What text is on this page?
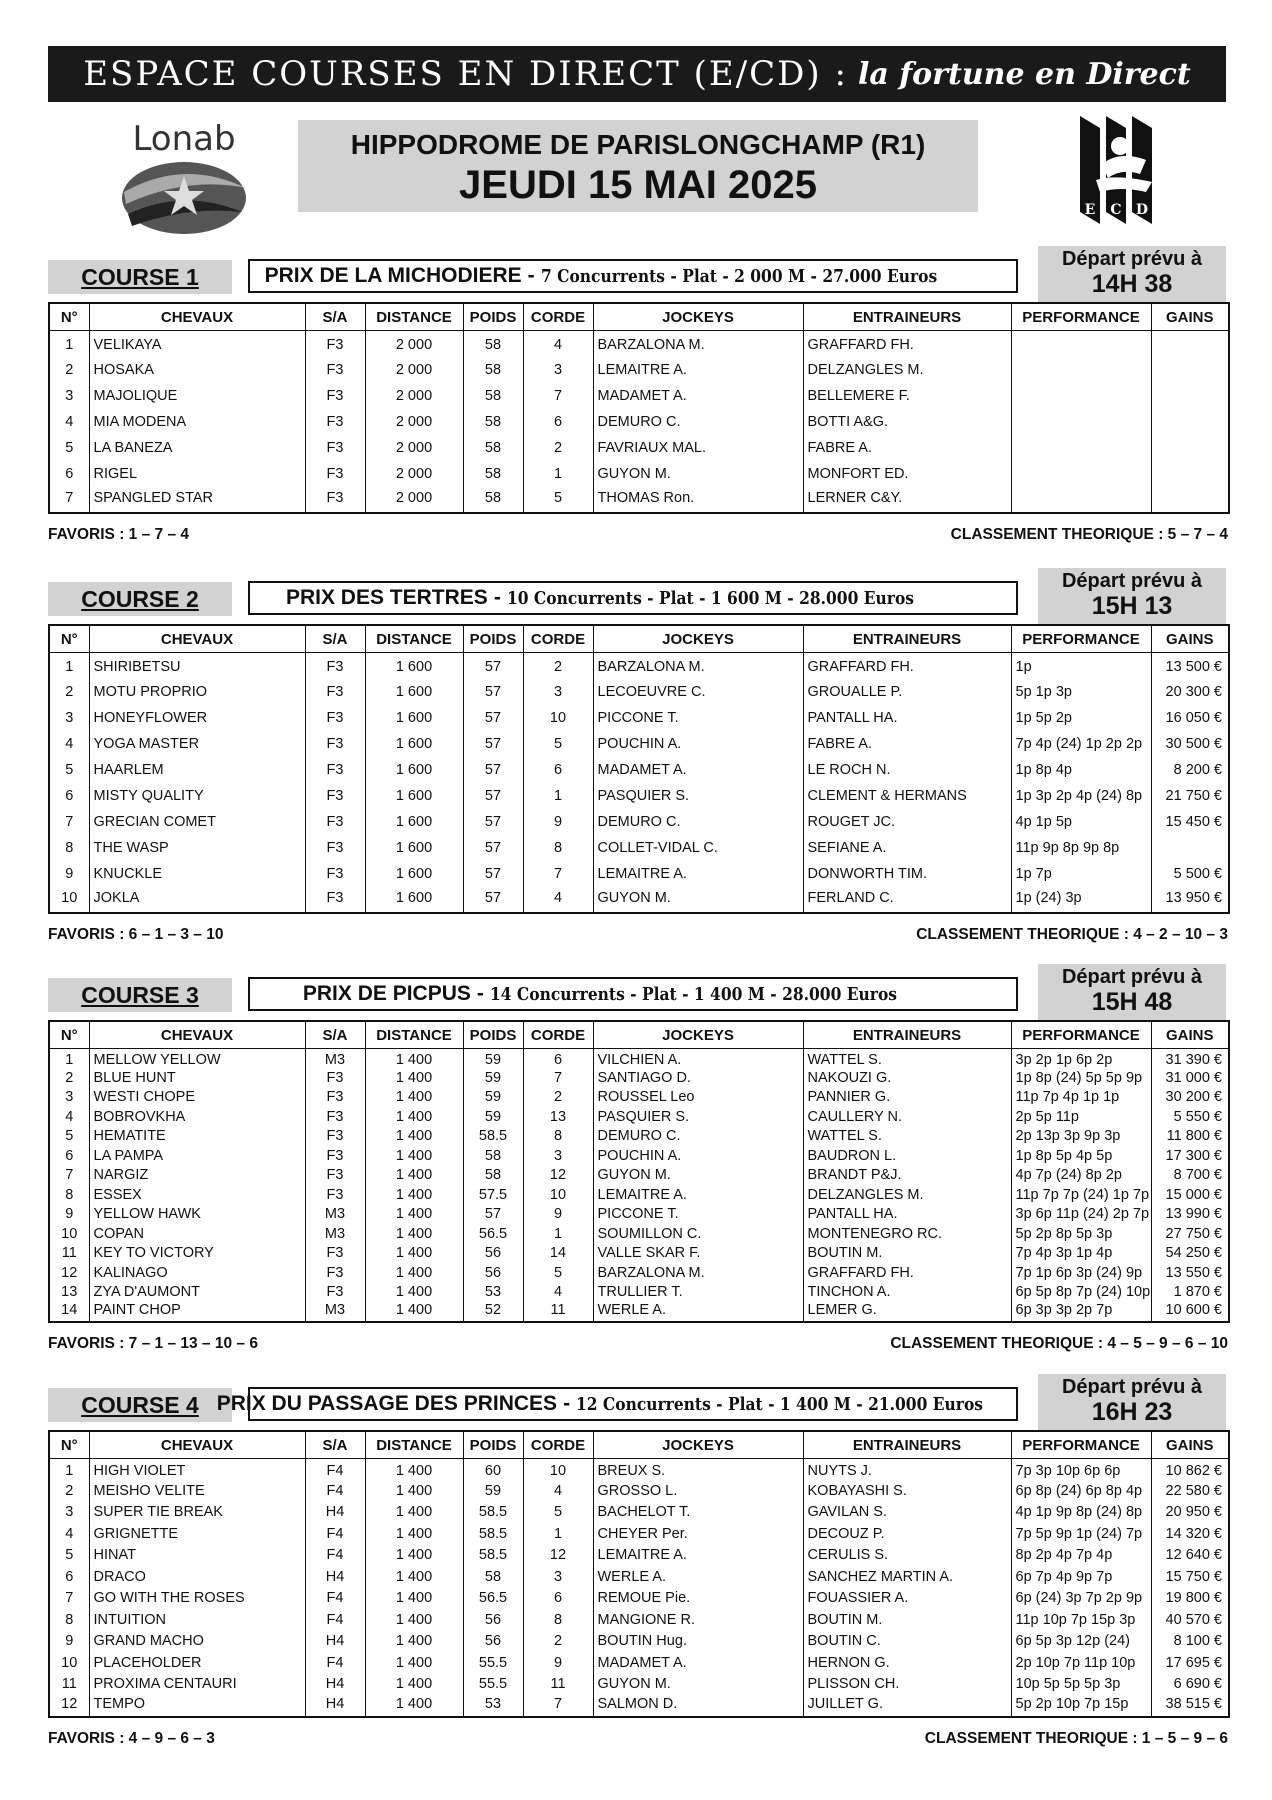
ESPACE COURSES EN DIRECT (E/CD) : la fortune en Direct
Lonab	HIPPODROME DE PARISLONGCHAMP (R1)
JEUDI 15 MAI 2025
E C D
COURSE 1	PRIX DE LA MICHODIERE - 7 Concurrents - Plat - 2 000 M - 27.000 Euros
Départ prévu à
14H 38
N°	CHEVAUX	S/A	DISTANCE	POIDS	CORDE	JOCKEYS	ENTRAINEURS	PERFORMANCE	GAINS
1	VELIKAYA	F3	2 000	58	4	BARZALONA M.	GRAFFARD FH.		
2	HOSAKA	F3	2 000	58	3	LEMAITRE A.	DELZANGLES M.		
3	MAJOLIQUE	F3	2 000	58	7	MADAMET A.	BELLEMERE F.		
4	MIA MODENA	F3	2 000	58	6	DEMURO C.	BOTTI A&G.		
5	LA BANEZA	F3	2 000	58	2	FAVRIAUX MAL.	FABRE A.		
6	RIGEL	F3	2 000	58	1	GUYON M.	MONFORT ED.		
7	SPANGLED STAR	F3	2 000	58	5	THOMAS Ron.	LERNER C&Y.		
FAVORIS : 1 – 7 – 4	CLASSEMENT THEORIQUE : 5 – 7 – 4
COURSE 2	PRIX DES TERTRES - 10 Concurrents - Plat - 1 600 M - 28.000 Euros
Départ prévu à
15H 13
N°	CHEVAUX	S/A	DISTANCE	POIDS	CORDE	JOCKEYS	ENTRAINEURS	PERFORMANCE	GAINS
1	SHIRIBETSU	F3	1 600	57	2	BARZALONA M.	GRAFFARD FH.	1p	13 500 €
2	MOTU PROPRIO	F3	1 600	57	3	LECOEUVRE C.	GROUALLE P.	5p 1p 3p	20 300 €
3	HONEYFLOWER	F3	1 600	57	10	PICCONE T.	PANTALL HA.	1p 5p 2p	16 050 €
4	YOGA MASTER	F3	1 600	57	5	POUCHIN A.	FABRE A.	7p 4p (24) 1p 2p 2p	30 500 €
5	HAARLEM	F3	1 600	57	6	MADAMET A.	LE ROCH N.	1p 8p 4p	8 200 €
6	MISTY QUALITY	F3	1 600	57	1	PASQUIER S.	CLEMENT & HERMANS	1p 3p 2p 4p (24) 8p	21 750 €
7	GRECIAN COMET	F3	1 600	57	9	DEMURO C.	ROUGET JC.	4p 1p 5p	15 450 €
8	THE WASP	F3	1 600	57	8	COLLET-VIDAL C.	SEFIANE A.	11p 9p 8p 9p 8p	
9	KNUCKLE	F3	1 600	57	7	LEMAITRE A.	DONWORTH TIM.	1p 7p	5 500 €
10	JOKLA	F3	1 600	57	4	GUYON M.	FERLAND C.	1p (24) 3p	13 950 €
FAVORIS : 6 – 1 – 3 – 10	CLASSEMENT THEORIQUE : 4 – 2 – 10 – 3
COURSE 3	PRIX DE PICPUS - 14 Concurrents - Plat - 1 400 M - 28.000 Euros
Départ prévu à
15H 48
N°	CHEVAUX	S/A	DISTANCE	POIDS	CORDE	JOCKEYS	ENTRAINEURS	PERFORMANCE	GAINS
1	MELLOW YELLOW	M3	1 400	59	6	VILCHIEN A.	WATTEL S.	3p 2p 1p 6p 2p	31 390 €
2	BLUE HUNT	F3	1 400	59	7	SANTIAGO D.	NAKOUZI G.	1p 8p (24) 5p 5p 9p	31 000 €
3	WESTI CHOPE	F3	1 400	59	2	ROUSSEL Leo	PANNIER G.	11p 7p 4p 1p 1p	30 200 €
4	BOBROVKHA	F3	1 400	59	13	PASQUIER S.	CAULLERY N.	2p 5p 11p	5 550 €
5	HEMATITE	F3	1 400	58.5	8	DEMURO C.	WATTEL S.	2p 13p 3p 9p 3p	11 800 €
6	LA PAMPA	F3	1 400	58	3	POUCHIN A.	BAUDRON L.	1p 8p 5p 4p 5p	17 300 €
7	NARGIZ	F3	1 400	58	12	GUYON M.	BRANDT P&J.	4p 7p (24) 8p 2p	8 700 €
8	ESSEX	F3	1 400	57.5	10	LEMAITRE A.	DELZANGLES M.	11p 7p 7p (24) 1p 7p	15 000 €
9	YELLOW HAWK	M3	1 400	57	9	PICCONE T.	PANTALL HA.	3p 6p 11p (24) 2p 7p	13 990 €
10	COPAN	M3	1 400	56.5	1	SOUMILLON C.	MONTENEGRO RC.	5p 2p 8p 5p 3p	27 750 €
11	KEY TO VICTORY	F3	1 400	56	14	VALLE SKAR F.	BOUTIN M.	7p 4p 3p 1p 4p	54 250 €
12	KALINAGO	F3	1 400	56	5	BARZALONA M.	GRAFFARD FH.	7p 1p 6p 3p (24) 9p	13 550 €
13	ZYA D'AUMONT	F3	1 400	53	4	TRULLIER T.	TINCHON A.	6p 5p 8p 7p (24) 10p	1 870 €
14	PAINT CHOP	M3	1 400	52	11	WERLE A.	LEMER G.	6p 3p 3p 2p 7p	10 600 €
FAVORIS : 7 – 1 – 13 – 10 – 6	CLASSEMENT THEORIQUE : 4 – 5 – 9 – 6 – 10
COURSE 4 PRIX DU PASSAGE DES PRINCES - 12 Concurrents - Plat - 1 400 M - 21.000 Euros
Départ prévu à
16H 23
N°	CHEVAUX	S/A	DISTANCE	POIDS	CORDE	JOCKEYS	ENTRAINEURS	PERFORMANCE	GAINS
1	HIGH VIOLET	F4	1 400	60	10	BREUX S.	NUYTS J.	7p 3p 10p 6p 6p	10 862 €
2	MEISHO VELITE	F4	1 400	59	4	GROSSO L.	KOBAYASHI S.	6p 8p (24) 6p 8p 4p	22 580 €
3	SUPER TIE BREAK	H4	1 400	58.5	5	BACHELOT T.	GAVILAN S.	4p 1p 9p 8p (24) 8p	20 950 €
4	GRIGNETTE	F4	1 400	58.5	1	CHEYER Per.	DECOUZ P.	7p 5p 9p 1p (24) 7p	14 320 €
5	HINAT	F4	1 400	58.5	12	LEMAITRE A.	CERULIS S.	8p 2p 4p 7p 4p	12 640 €
6	DRACO	H4	1 400	58	3	WERLE A.	SANCHEZ MARTIN A.	6p 7p 4p 9p 7p	15 750 €
7	GO WITH THE ROSES	F4	1 400	56.5	6	REMOUE Pie.	FOUASSIER A.	6p (24) 3p 7p 2p 9p	19 800 €
8	INTUITION	F4	1 400	56	8	MANGIONE R.	BOUTIN M.	11p 10p 7p 15p 3p	40 570 €
9	GRAND MACHO	H4	1 400	56	2	BOUTIN Hug.	BOUTIN C.	6p 5p 3p 12p (24)	8 100 €
10	PLACEHOLDER	F4	1 400	55.5	9	MADAMET A.	HERNON G.	2p 10p 7p 11p 10p	17 695 €
11	PROXIMA CENTAURI	H4	1 400	55.5	11	GUYON M.	PLISSON CH.	10p 5p 5p 5p 3p	6 690 €
12	TEMPO	H4	1 400	53	7	SALMON D.	JUILLET G.	5p 2p 10p 7p 15p	38 515 €
FAVORIS : 4 – 9 – 6 – 3	CLASSEMENT THEORIQUE : 1 – 5 – 9 – 6
